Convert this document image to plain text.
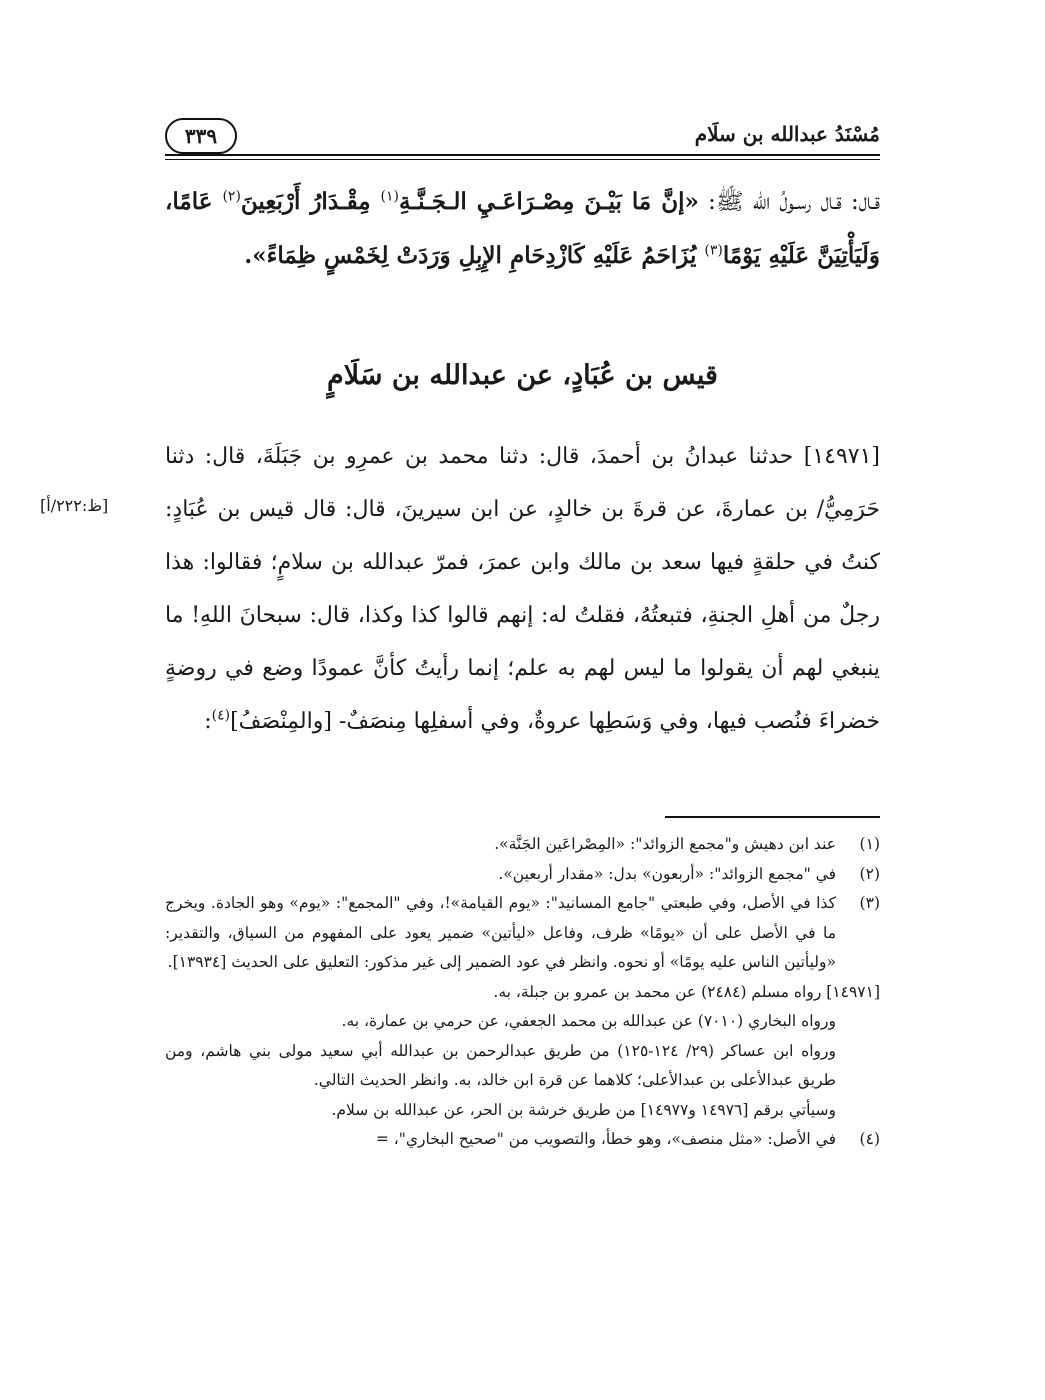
مُسْنَدُ عبدالله بن سلَام
٣٣٩
قـال: قـال رسـولُ الله ﷺ: «إنَّ مَا بَيْـنَ مِصْـرَاعَـيِ الـجَـنَّـةِ$^{(١)}$ مِقْـدَارُ أَرْبَعِينَ$^{(٢)}$ عَامًا، وَلَيَأْتِيَنَّ عَلَيْهِ يَوْمًا$^{(٣)}$ يُزَاحَمُ عَلَيْهِ كَازْدِحَامِ الإِبِلِ وَرَدَتْ لِخَمْسٍ ظِمَاءً».
قيس بن عُبَادٍ، عن عبدالله بن سَلَامٍ
[١٤٩٧١] حدثنا عبدانُ بن أحمدَ، قال: دثنا محمد بن عمرِو بن جَبَلَةَ، قال: دثنا حَرَمِيُّ/ بن عمارةَ، عن قرةَ بن خالدٍ، عن ابن سيرينَ، قال: قال قيس بن عُبَادٍ: كنتُ في حلقةٍ فيها سعد بن مالك وابن عمرَ، فمرّ عبدالله بن سلامٍ؛ فقالوا: هذا رجلٌ من أهلِ الجنةِ، فتبعتُهُ، فقلتُ له: إنهم قالوا كذا وكذا، قال: سبحانَ اللهِ! ما ينبغي لهم أن يقولوا ما ليس لهم به علم؛ إنما رأيتُ كأنَّ عمودًا وضع في روضةٍ خضراءَ فنُصب فيها، وفي وَسَطِها عروةٌ، وفي أسفلِها مِنصَفٌ- [والمِنْصَفُ]$^{(٤)}$:
[ظ:٢٢٢/أ]
(١)
عند ابن دهيش و"مجمع الزوائد": «المِصْراعَين الجَنَّة».
(٢)
في "مجمع الزوائد": «أربعون» بدل: «مقدار أربعين».
(٣)
كذا في الأصل، وفي طبعتي "جامع المسانيد": «يوم القيامة»!، وفي "المجمع": «يوم» وهو الجادة. ويخرج ما في الأصل على أن «يومًا» ظرف، وفاعل «ليأتين» ضمير يعود على المفهوم من السياق، والتقدير: «وليأتين الناس عليه يومًا» أو نحوه. وانظر في عود الضمير إلى غير مذكور: التعليق على الحديث [١٣٩٣٤].
[١٤٩٧١] رواه مسلم (٢٤٨٤) عن محمد بن عمرو بن جبلة، به.
ورواه البخاري (٧٠١٠) عن عبدالله بن محمد الجعفي، عن حرمي بن عمارة، به.
ورواه ابن عساكر (٢٩/ ١٢٤-١٢٥) من طريق عبدالرحمن بن عبدالله أبي سعيد مولى بني هاشم، ومن طريق عبدالأعلى بن عبدالأعلى؛ كلاهما عن قرة ابن خالد، به. وانظر الحديث التالي.
وسيأتي برقم [١٤٩٧٦ و١٤٩٧٧] من طريق خرشة بن الحر، عن عبدالله بن سلام.
(٤)
في الأصل: «مثل منصف»، وهو خطأ، والتصويب من "صحيح البخاري"، =
